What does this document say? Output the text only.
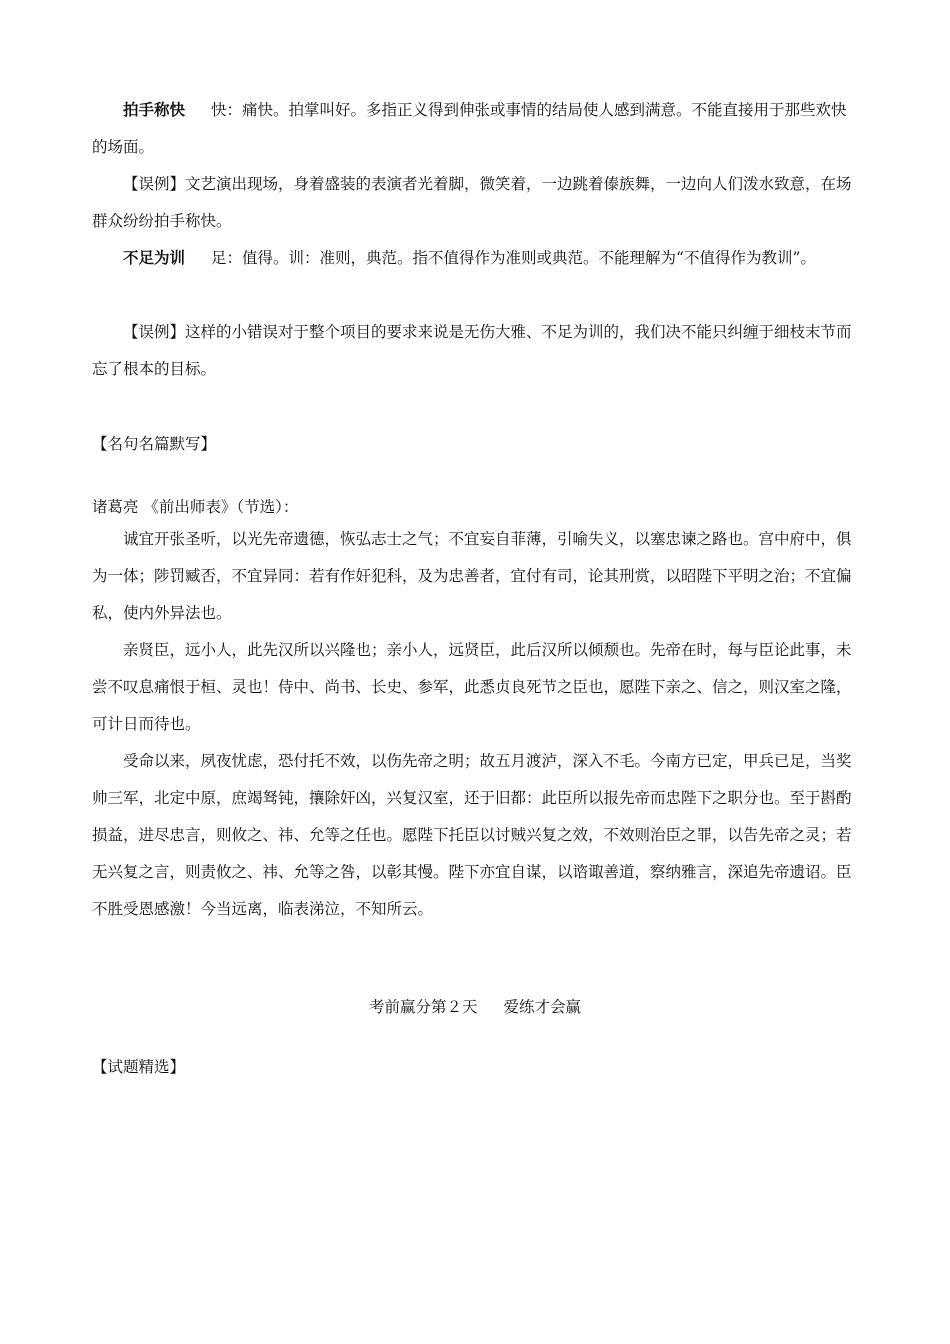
拍手称快 快：痛快。拍掌叫好。多指正义得到伸张或事情的结局使人感到满意。不能直接用于那些欢快的场面。

【误例】文艺演出现场，身着盛装的表演者光着脚，微笑着，一边跳着傣族舞，一边向人们泼水致意，在场群众纷纷拍手称快。

不足为训 足：值得。训：准则，典范。指不值得作为准则或典范。不能理解为“不值得作为教训”。

【误例】这样的小错误对于整个项目的要求来说是无伤大雅、不足为训的，我们决不能只纠缠于细枝末节而忘了根本的目标。

【名句名篇默写】

诸葛亮 《前出师表》（节选）：

诚宜开张圣听，以光先帝遗德，恢弘志士之气；不宜妄自菲薄，引喻失义，以塞忠谏之路也。宫中府中，俱为一体；陟罚臧否，不宜异同：若有作奸犯科，及为忠善者，宜付有司，论其刑赏，以昭陛下平明之治；不宜偏私，使内外异法也。

亲贤臣，远小人，此先汉所以兴隆也；亲小人，远贤臣，此后汉所以倾颓也。先帝在时，每与臣论此事，未尝不叹息痛恨于桓、灵也！侍中、尚书、长史、参军，此悉贞良死节之臣也，愿陛下亲之、信之，则汉室之隆，可计日而待也。

受命以来，夙夜忧虑，恐付托不效，以伤先帝之明；故五月渡泸，深入不毛。今南方已定，甲兵已足，当奖帅三军，北定中原，庶竭驽钝，攘除奸凶，兴复汉室，还于旧都：此臣所以报先帝而忠陛下之职分也。至于斟酌损益，进尽忠言，则攸之、祎、允等之任也。愿陛下托臣以讨贼兴复之效，不效则治臣之罪，以告先帝之灵；若无兴复之言，则责攸之、祎、允等之咎，以彰其慢。陛下亦宜自谋，以谘诹善道，察纳雅言，深追先帝遗诏。臣不胜受恩感激！今当远离，临表涕泣，不知所云。

考前赢分第２天 爱练才会赢

【试题精选】
